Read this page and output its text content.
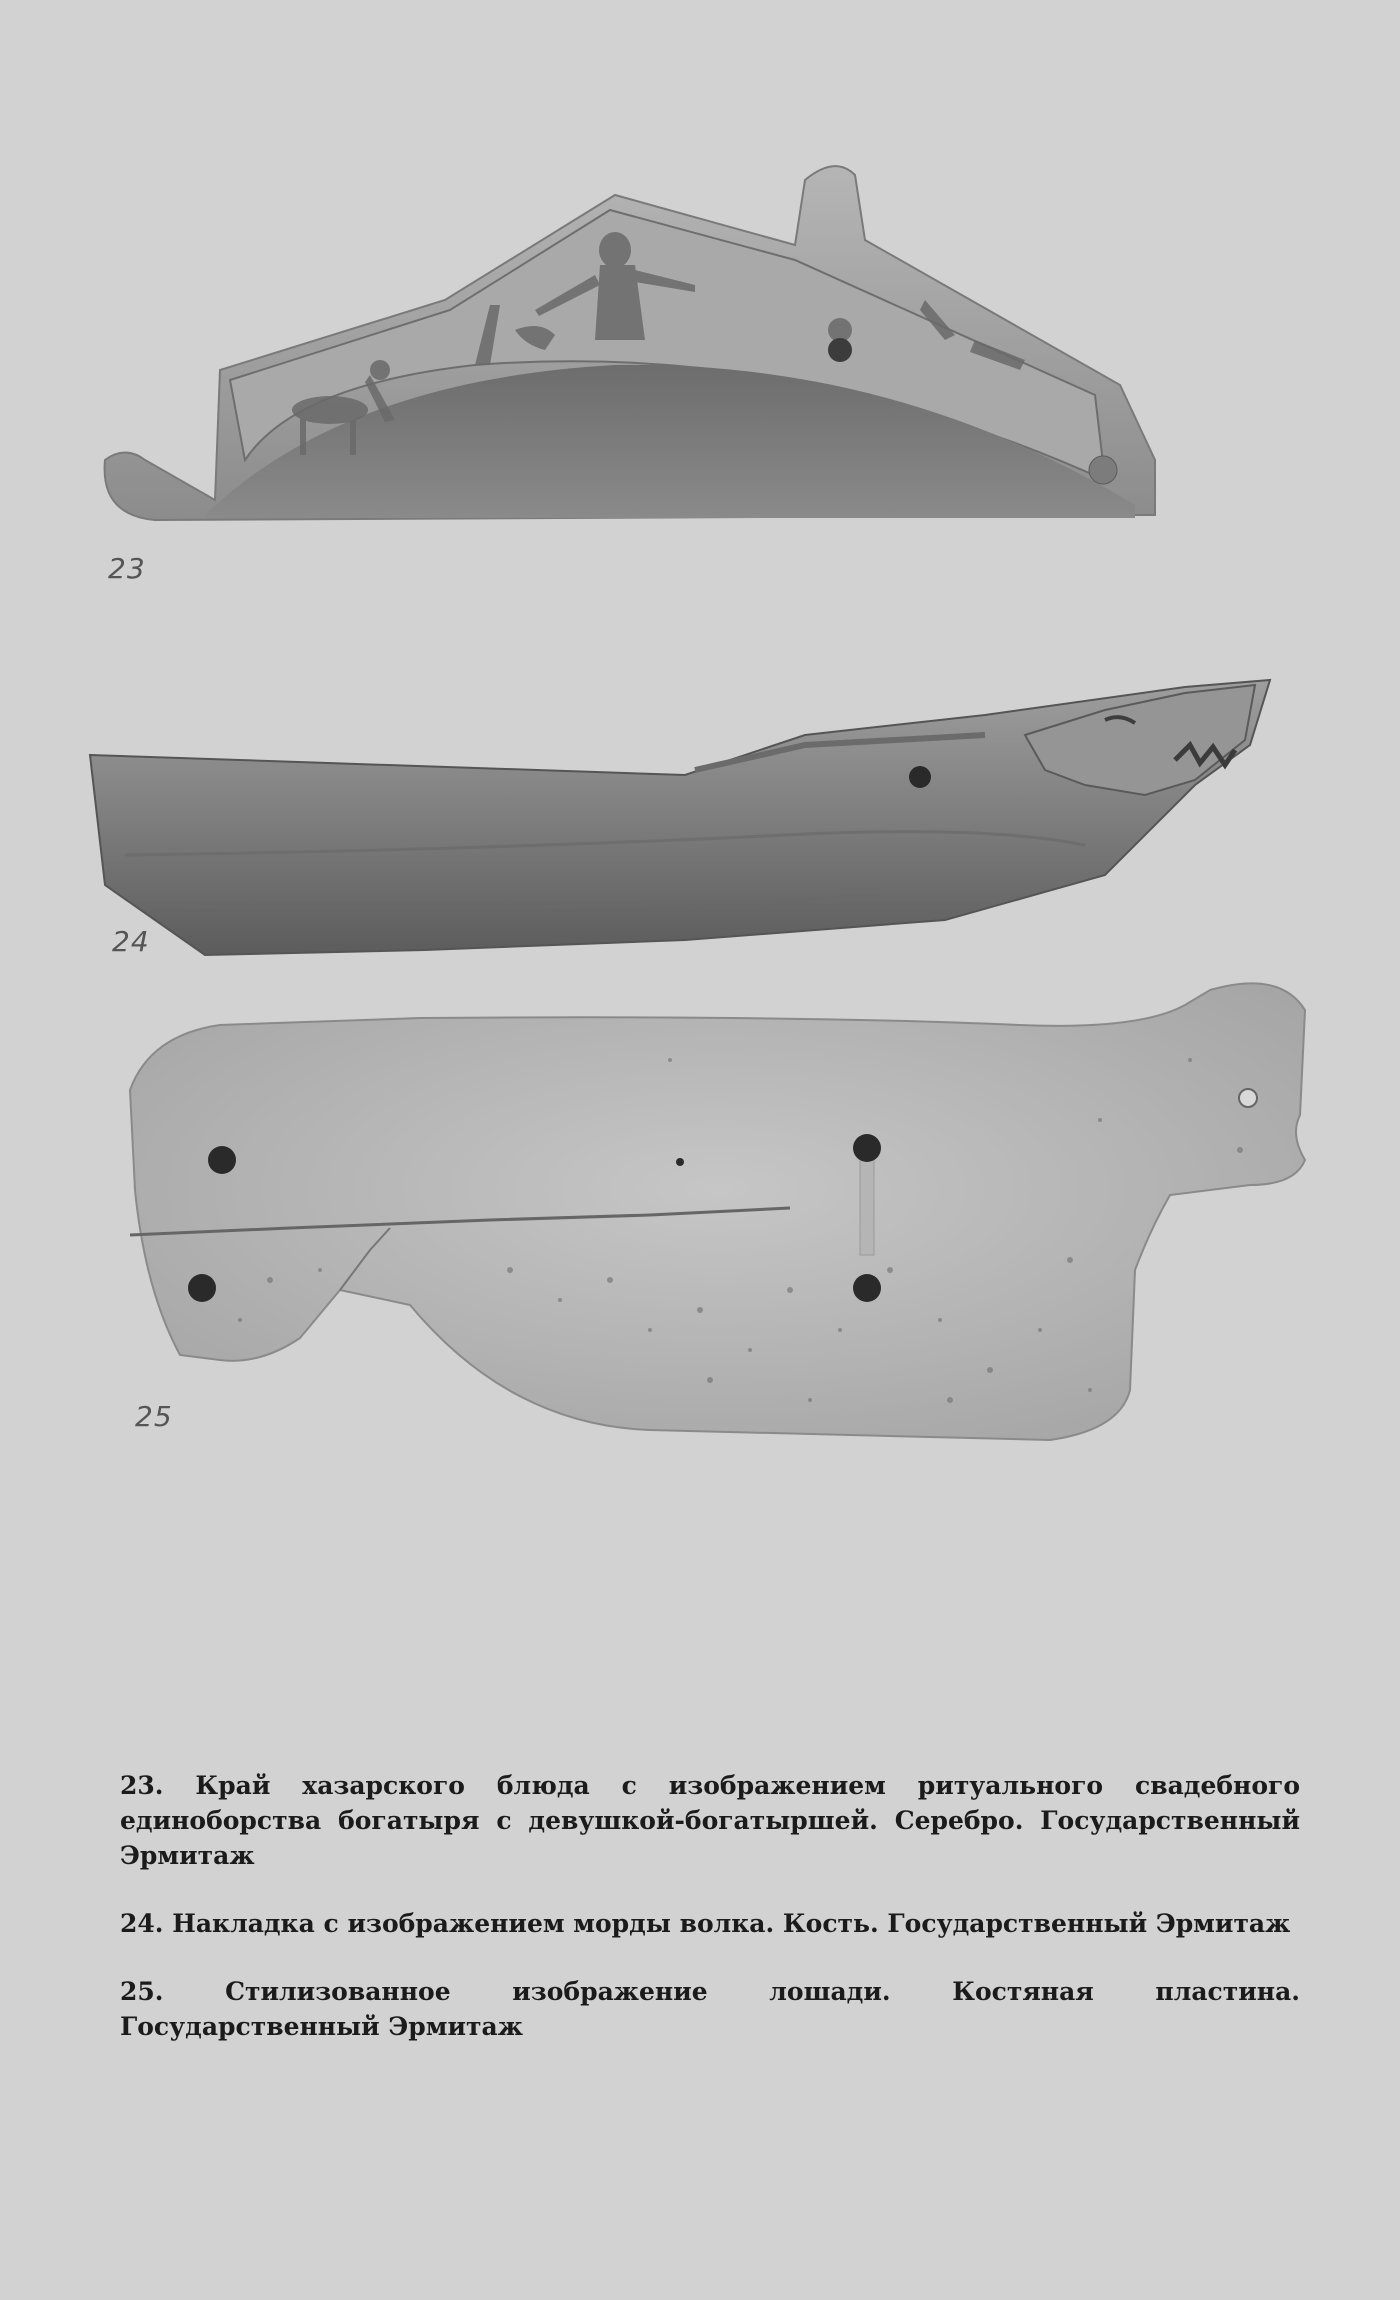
23
24
25

23. Край хазарского блюда с изображением ритуального свадебного единоборства богатыря с девушкой-богатыршей. Серебро. Государственный Эрмитаж

24. Накладка с изображением морды волка. Кость. Государственный Эрмитаж

25. Стилизованное изображение лошади. Костяная пластина. Государственный Эрмитаж
